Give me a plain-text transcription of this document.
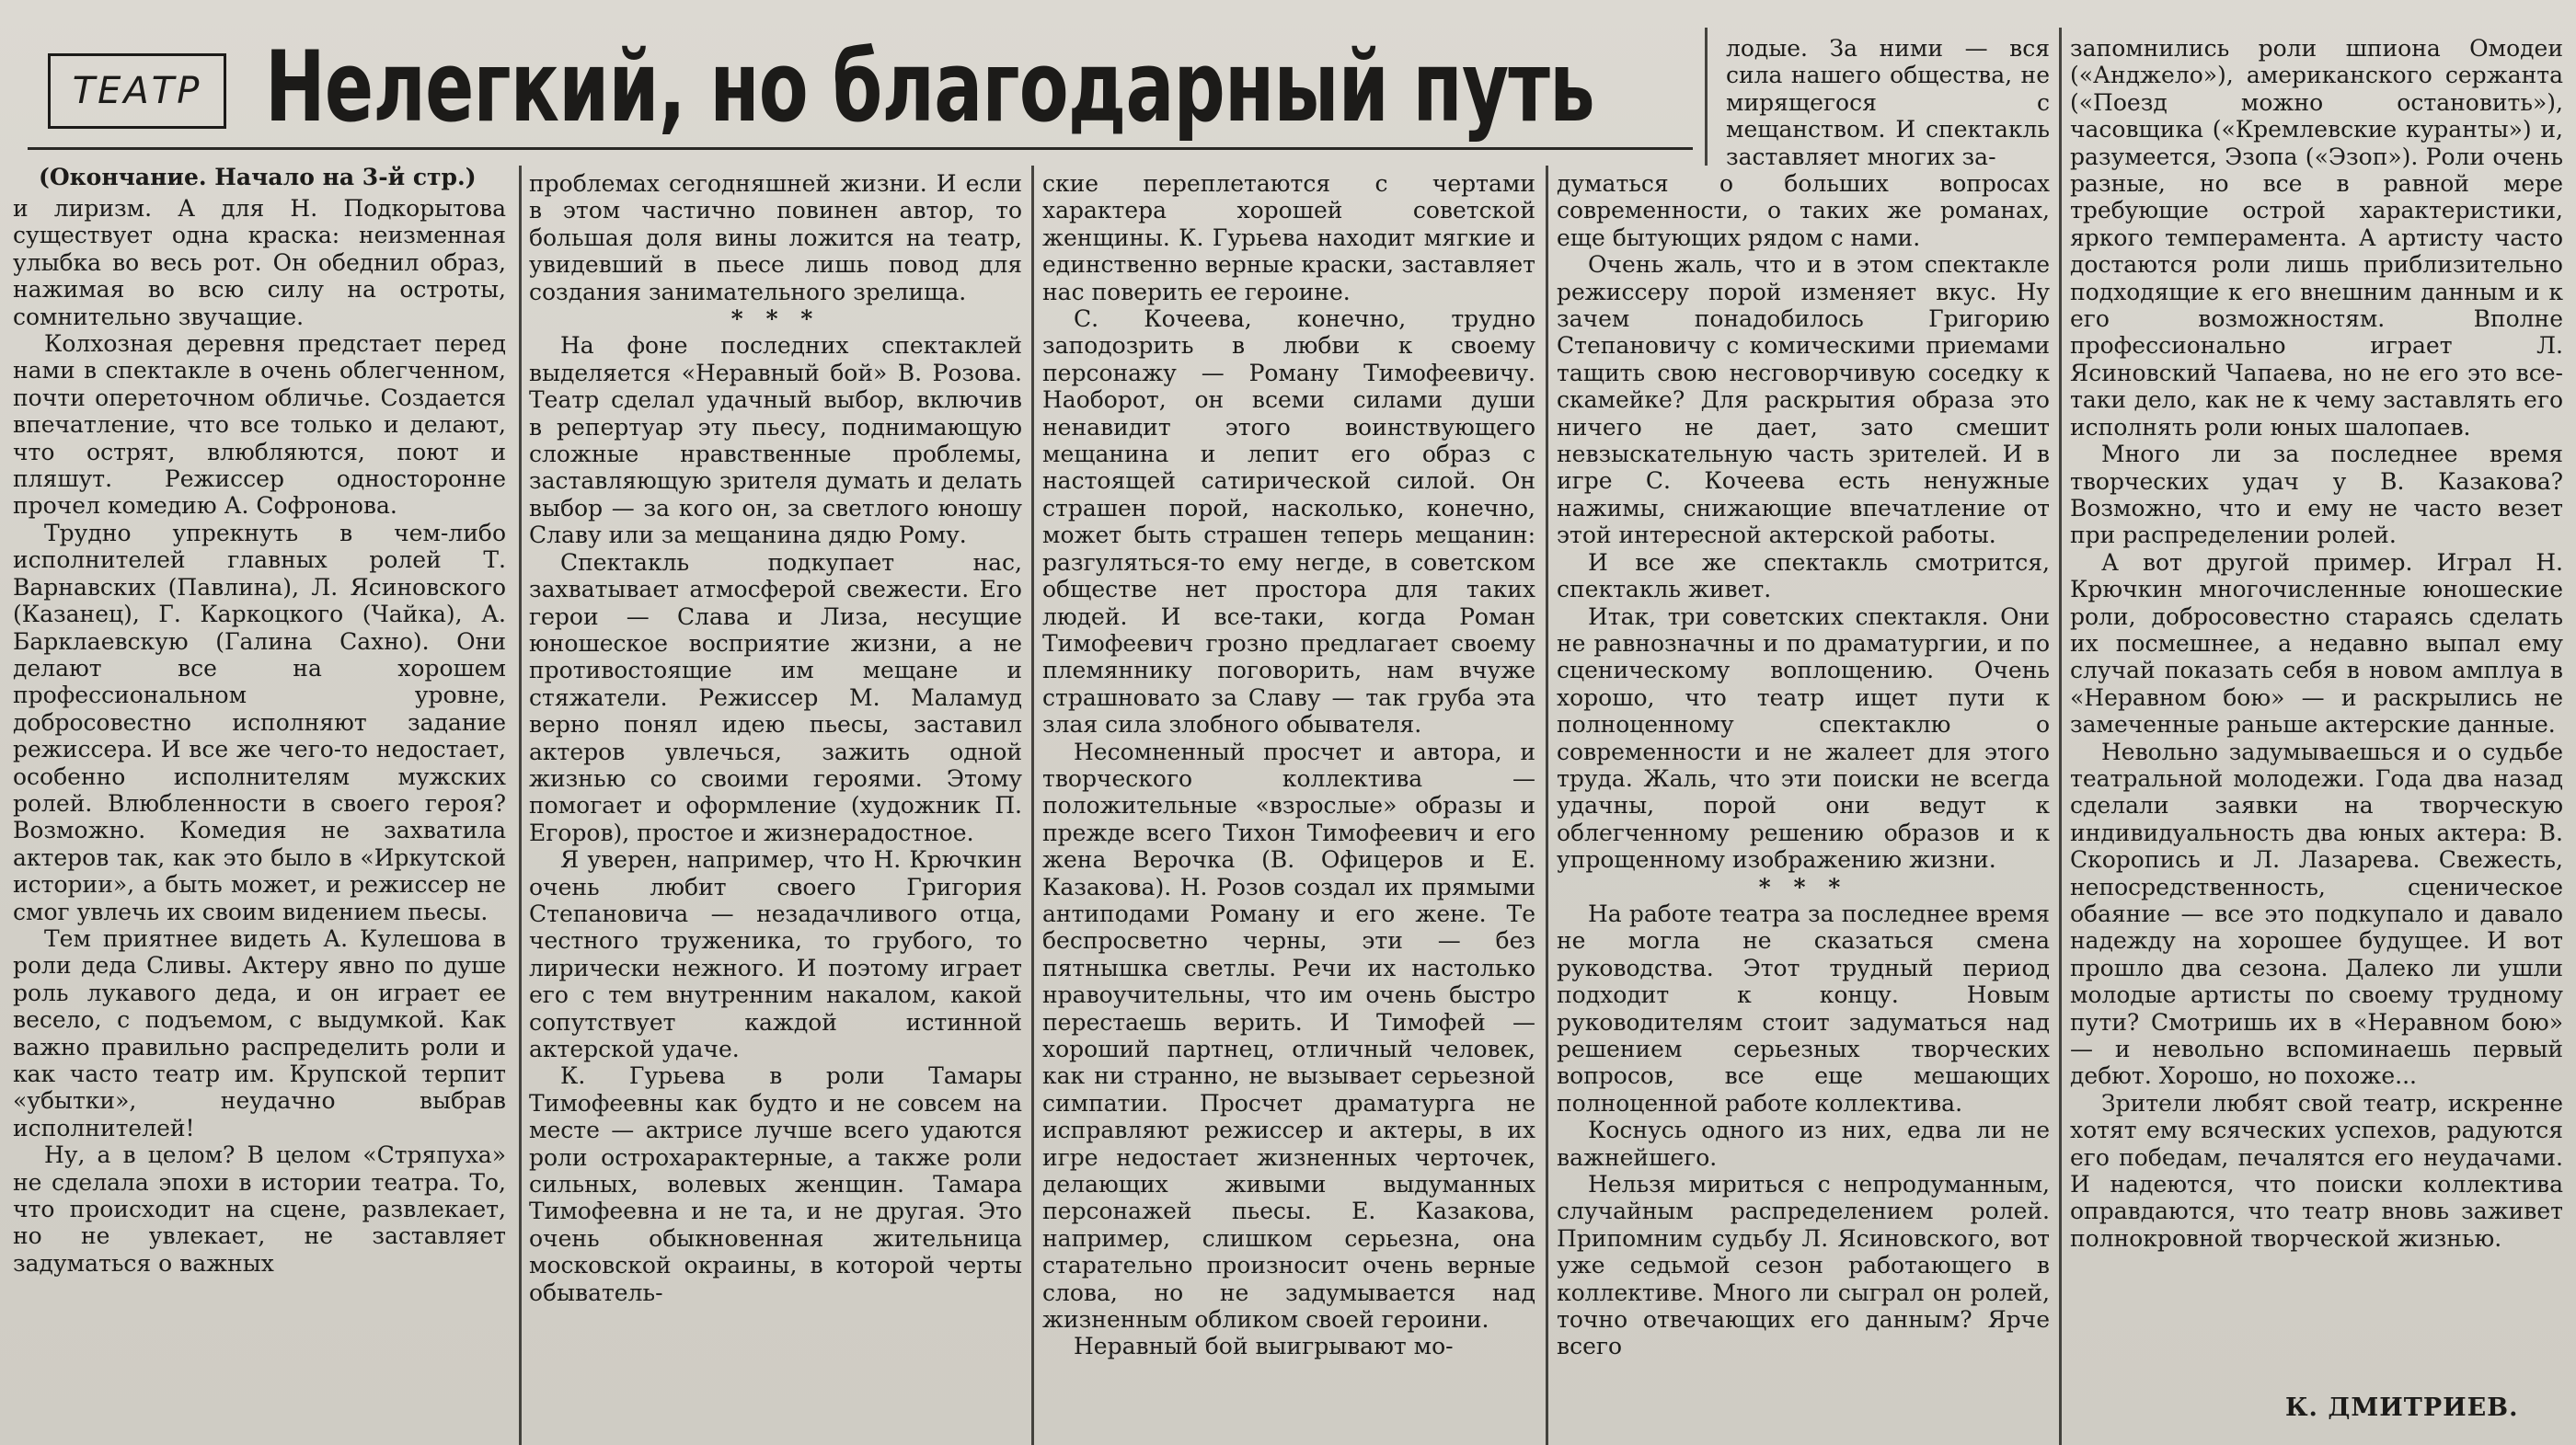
ТЕАТР Нелегкий, но благодарный путь
(Окончание. Начало на 3-й стр.)

и лиризм. А для Н. Подкорытова существует одна краска: неизменная улыбка во весь рот. Он обеднил образ, нажимая во всю силу на остроты, сомнительно звучащие.

Колхозная деревня предстает перед нами в спектакле в очень облегченном, почти опереточном обличье. Создается впечатление, что все только и делают, что острят, влюбляются, поют и пляшут. Режиссер односторонне прочел комедию А. Софронова.

Трудно упрекнуть в чем-либо исполнителей главных ролей Т. Варнавских (Павлина), Л. Ясиновского (Казанец), Г. Каркоцкого (Чайка), А. Барклаевскую (Галина Сахно). Они делают все на хорошем профессиональном уровне, добросовестно исполняют задание режиссера. И все же чего-то недостает, особенно исполнителям мужских ролей. Влюбленности в своего героя? Возможно. Комедия не захватила актеров так, как это было в «Иркутской истории», а быть может, и режиссер не смог увлечь их своим видением пьесы.

Тем приятнее видеть А. Кулешова в роли деда Сливы. Актеру явно по душе роль лукавого деда, и он играет ее весело, с подъемом, с выдумкой. Как важно правильно распределить роли и как часто театр им. Крупской терпит «убытки», неудачно выбрав исполнителей!

Ну, а в целом? В целом «Стряпуха» не сделала эпохи в истории театра. То, что происходит на сцене, развлекает, но не увлекает, не заставляет задуматься о важных

проблемах сегодняшней жизни. И если в этом частично повинен автор, то большая доля вины ложится на театр, увидевший в пьесе лишь повод для создания занимательного зрелища.

* * *

На фоне последних спектаклей выделяется «Неравный бой» В. Розова. Театр сделал удачный выбор, включив в репертуар эту пьесу, поднимающую сложные нравственные проблемы, заставляющую зрителя думать и делать выбор — за кого он, за светлого юношу Славу или за мещанина дядю Рому.

Спектакль подкупает нас, захватывает атмосферой свежести. Его герои — Слава и Лиза, несущие юношеское восприятие жизни, а не противостоящие им мещане и стяжатели. Режиссер М. Маламуд верно понял идею пьесы, заставил актеров увлечься, зажить одной жизнью со своими героями. Этому помогает и оформление (художник П. Егоров), простое и жизнерадостное.

Я уверен, например, что Н. Крючкин очень любит своего Григория Степановича — незадачливого отца, честного труженика, то грубого, то лирически нежного. И поэтому играет его с тем внутренним накалом, какой сопутствует каждой истинной актерской удаче.

К. Гурьева в роли Тамары Тимофеевны как будто и не совсем на месте — актрисе лучше всего удаются роли острохарактерные, а также роли сильных, волевых женщин. Тамара Тимофеевна и не та, и не другая. Это очень обыкновенная жительница московской окраины, в которой черты обыватель-

ские переплетаются с чертами характера хорошей советской женщины. К. Гурьева находит мягкие и единственно верные краски, заставляет нас поверить ее героине.

С. Кочеева, конечно, трудно заподозрить в любви к своему персонажу — Роману Тимофеевичу. Наоборот, он всеми силами души ненавидит этого воинствующего мещанина и лепит его образ с настоящей сатирической силой. Он страшен порой, насколько, конечно, может быть страшен теперь мещанин: разгуляться-то ему негде, в советском обществе нет простора для таких людей. И все-таки, когда Роман Тимофеевич грозно предлагает своему племяннику поговорить, нам вчуже страшновато за Славу — так груба эта злая сила злобного обывателя.

Несомненный просчет и автора, и творческого коллектива — положительные «взрослые» образы и прежде всего Тихон Тимофеевич и его жена Верочка (В. Офицеров и Е. Казакова). Н. Розов создал их прямыми антиподами Роману и его жене. Те беспросветно черны, эти — без пятнышка светлы. Речи их настолько нравоучительны, что им очень быстро перестаешь верить. И Тимофей — хороший партнец, отличный человек, как ни странно, не вызывает серьезной симпатии. Просчет драматурга не исправляют режиссер и актеры, в их игре недостает жизненных черточек, делающих живыми выдуманных персонажей пьесы. Е. Казакова, например, слишком серьезна, она старательно произносит очень верные слова, но не задумывается над жизненным обликом своей героини.

Неравный бой выигрывают мо-

лодые. За ними — вся сила нашего общества, не мирящегося с мещанством. И спектакль заставляет многих за-

думаться о больших вопросах современности, о таких же романах, еще бытующих рядом с нами.

Очень жаль, что и в этом спектакле режиссеру порой изменяет вкус. Ну зачем понадобилось Григорию Степановичу с комическими приемами тащить свою несговорчивую соседку к скамейке? Для раскрытия образа это ничего не дает, зато смешит невзыскательную часть зрителей. И в игре С. Кочеева есть ненужные нажимы, снижающие впечатление от этой интересной актерской работы.

И все же спектакль смотрится, спектакль живет.

Итак, три советских спектакля. Они не равнозначны и по драматургии, и по сценическому воплощению. Очень хорошо, что театр ищет пути к полноценному спектаклю о современности и не жалеет для этого труда. Жаль, что эти поиски не всегда удачны, порой они ведут к облегченному решению образов и к упрощенному изображению жизни.

* * *

На работе театра за последнее время не могла не сказаться смена руководства. Этот трудный период подходит к концу. Новым руководителям стоит задуматься над решением серьезных творческих вопросов, все еще мешающих полноценной работе коллектива.

Коснусь одного из них, едва ли не важнейшего.

Нельзя мириться с непродуманным, случайным распределением ролей. Припомним судьбу Л. Ясиновского, вот уже седьмой сезон работающего в коллективе. Много ли сыграл он ролей, точно отвечающих его данным? Ярче всего

запомнились роли шпиона Омодеи («Анджело»), американского сержанта («Поезд можно остановить»), часовщика («Кремлевские куранты») и, разумеется, Эзопа («Эзоп»). Роли очень разные, но все в равной мере требующие острой характеристики, яркого темперамента. А артисту часто достаются роли лишь приблизительно подходящие к его внешним данным и к его возможностям. Вполне профессионально играет Л. Ясиновский Чапаева, но не его это все-таки дело, как не к чему заставлять его исполнять роли юных шалопаев.

Много ли за последнее время творческих удач у В. Казакова? Возможно, что и ему не часто везет при распределении ролей.

А вот другой пример. Играл Н. Крючкин многочисленные юношеские роли, добросовестно стараясь сделать их посмешнее, а недавно выпал ему случай показать себя в новом амплуа в «Неравном бою» — и раскрылись не замеченные раньше актерские данные.

Невольно задумываешься и о судьбе театральной молодежи. Года два назад сделали заявки на творческую индивидуальность два юных актера: В. Скоропись и Л. Лазарева. Свежесть, непосредственность, сценическое обаяние — все это подкупало и давало надежду на хорошее будущее. И вот прошло два сезона. Далеко ли ушли молодые артисты по своему трудному пути? Смотришь их в «Неравном бою» — и невольно вспоминаешь первый дебют. Хорошо, но похоже...

Зрители любят свой театр, искренне хотят ему всяческих успехов, радуются его победам, печалятся его неудачами. И надеются, что поиски коллектива оправдаются, что театр вновь заживет полнокровной творческой жизнью.

К. ДМИТРИЕВ.
